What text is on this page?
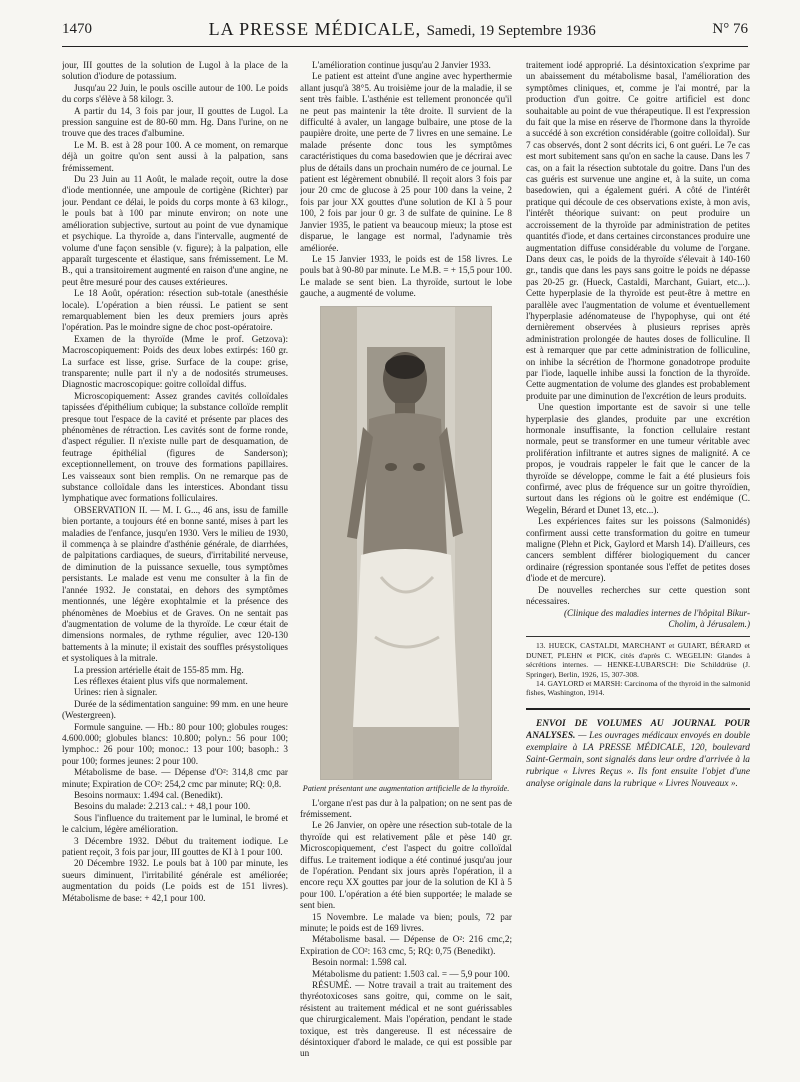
1470	LA PRESSE MÉDICALE, Samedi, 19 Septembre 1936	N° 76

jour, III gouttes de la solution de Lugol à la place de la solution d'iodure de potassium.

Jusqu'au 22 Juin, le pouls oscille autour de 100. Le poids du corps s'élève à 58 kilogr. 3.

A partir du 14, 3 fois par jour, II gouttes de Lugol. La pression sanguine est de 80-60 mm. Hg. Dans l'urine, on ne trouve que des traces d'albumine.

Le M. B. est à 28 pour 100. A ce moment, on remarque déjà un goitre qu'on sent aussi à la palpation, sans frémissement.

Du 23 Juin au 11 Août, le malade reçoit, outre la dose d'iode mentionnée, une ampoule de cortigène (Richter) par jour. Pendant ce délai, le poids du corps monte à 63 kilogr., le pouls bat à 100 par minute environ; on note une amélioration subjective, surtout au point de vue dynamique et psychique. La thyroïde a, dans l'intervalle, augmenté de volume d'une façon sensible (v. figure); à la palpation, elle apparaît turgescente et élastique, sans frémissement. Le M. B., qui a transitoirement augmenté en raison d'une angine, ne peut être mesuré pour des causes extérieures.

Le 18 Août, opération: résection sub-totale (anesthésie locale). L'opération a bien réussi. Le patient se sent remarquablement bien les deux premiers jours après l'opération. Pas le moindre signe de choc post-opératoire.

Examen de la thyroïde (Mme le prof. Getzova): Macroscopiquement: Poids des deux lobes extirpés: 160 gr. La surface est lisse, grise. Surface de la coupe: grise, transparente; nulle part il n'y a de nodosités strumeuses. Diagnostic macroscopique: goitre colloïdal diffus.

Microscopiquement: Assez grandes cavités colloïdales tapissées d'épithélium cubique; la substance colloïde remplit presque tout l'espace de la cavité et présente par places des phénomènes de rétraction. Les cavités sont de forme ronde, d'aspect régulier. Il n'existe nulle part de desquamation, de feutrage épithélial (figures de Sanderson); exceptionnellement, on trouve des formations papillaires. Les vaisseaux sont bien remplis. On ne remarque pas de substance colloïdale dans les interstices. Abondant tissu lymphatique avec formations folliculaires.

OBSERVATION II. — M. I. G..., 46 ans, issu de famille bien portante, a toujours été en bonne santé, mises à part les maladies de l'enfance, jusqu'en 1930. Vers le milieu de 1930, il commença à se plaindre d'asthénie générale, de diarrhées, de palpitations cardiaques, de sueurs, d'irritabilité nerveuse, de diminution de la puissance sexuelle, tous symptômes persistants. Le malade est venu me consulter à la fin de l'année 1932. Je constatai, en dehors des symptômes mentionnés, une légère exophtalmie et la présence des phénomènes de Moebius et de Graves. On ne sentait pas d'augmentation de volume de la thyroïde. Le cœur était de dimensions normales, de rythme régulier, avec 120-130 battements à la minute; il existait des souffles présystoliques et systoliques à la mitrale.

La pression artérielle était de 155-85 mm. Hg.

Les réflexes étaient plus vifs que normalement.

Urines: rien à signaler.

Durée de la sédimentation sanguine: 99 mm. en une heure (Westergreen).

Formule sanguine. — Hb.: 80 pour 100; globules rouges: 4.600.000; globules blancs: 10.800; polyn.: 56 pour 100; lymphoc.: 26 pour 100; monoc.: 13 pour 100; basoph.: 3 pour 100; formes jeunes: 2 pour 100.

Métabolisme de base. — Dépense d'O²: 314,8 cmc par minute; Expiration de CO²: 254,2 cmc par minute; RQ: 0,8.

Besoins normaux: 1.494 cal. (Benedikt).

Besoins du malade: 2.213 cal.: + 48,1 pour 100.

Sous l'influence du traitement par le luminal, le bromé et le calcium, légère amélioration.

3 Décembre 1932. Début du traitement iodique. Le patient reçoit, 3 fois par jour, III gouttes de KI à 1 pour 100.

20 Décembre 1932. Le pouls bat à 100 par minute, les sueurs diminuent, l'irritabilité générale est améliorée; augmentation du poids (Le poids est de 151 livres). Métabolisme de base: + 42,1 pour 100.

L'amélioration continue jusqu'au 2 Janvier 1933.

Le patient est atteint d'une angine avec hyperthermie allant jusqu'à 38°5. Au troisième jour de la maladie, il se sent très faible. L'asthénie est tellement prononcée qu'il ne peut pas maintenir la tête droite. Il survient de la difficulté à avaler, un langage bulbaire, une ptose de la paupière droite, une perte de 7 livres en une semaine. Le malade présente donc tous les symptômes caractéristiques du coma basedowien que je décrirai avec plus de détails dans un prochain numéro de ce journal. Le patient est légèrement obnubilé. Il reçoit alors 3 fois par jour 20 cmc de glucose à 25 pour 100 dans la veine, 2 fois par jour XX gouttes d'une solution de KI à 5 pour 100, 2 fois par jour 0 gr. 3 de sulfate de quinine. Le 8 Janvier 1935, le patient va beaucoup mieux; la ptose est disparue, le langage est normal, l'adynamie très améliorée.

Le 15 Janvier 1933, le poids est de 158 livres. Le pouls bat à 90-80 par minute. Le M.B. = + 15,5 pour 100. Le malade se sent bien. La thyroïde, surtout le lobe gauche, a augmenté de volume.

Patient présentant une augmentation artificielle de la thyroïde.

L'organe n'est pas dur à la palpation; on ne sent pas de frémissement.

Le 26 Janvier, on opère une résection sub-totale de la thyroïde qui est relativement pâle et pèse 140 gr. Microscopiquement, c'est l'aspect du goitre colloïdal diffus. Le traitement iodique a été continué jusqu'au jour de l'opération. Pendant six jours après l'opération, il a encore reçu XX gouttes par jour de la solution de KI à 5 pour 100. L'opération a été bien supportée; le malade se sent bien.

15 Novembre. Le malade va bien; pouls, 72 par minute; le poids est de 169 livres.

Métabolisme basal. — Dépense de O²: 216 cmc,2; Expiration de CO²: 163 cmc, 5; RQ: 0,75 (Benedikt).

Besoin normal: 1.598 cal.

Métabolisme du patient: 1.503 cal. = — 5,9 pour 100.

RÉSUMÉ. — Notre travail a trait au traitement des thyréotoxicoses sans goitre, qui, comme on le sait, résistent au traitement médical et ne sont guérissables que chirurgicalement. Mais l'opération, pendant le stade toxique, est très dangereuse. Il est nécessaire de désintoxiquer d'abord le malade, ce qui est possible par un

traitement iodé approprié. La désintoxication s'exprime par un abaissement du métabolisme basal, l'amélioration des symptômes cliniques, et, comme je l'ai montré, par la production d'un goitre. Ce goitre artificiel est donc souhaitable au point de vue thérapeutique. Il est l'expression du fait que la mise en réserve de l'hormone dans la thyroïde a succédé à son excrétion considérable (goitre colloïdal). Sur 7 cas observés, dont 2 sont décrits ici, 6 ont guéri. Le 7e cas est mort subitement sans qu'on en sache la cause. Dans les 7 cas, on a fait la résection subtotale du goitre. Dans l'un des cas guéris est survenue une angine et, à la suite, un coma basedowien, qui a également guéri. A côté de l'intérêt pratique qui découle de ces observations existe, à mon avis, l'intérêt théorique suivant: on peut produire un accroissement de la thyroïde par administration de petites quantités d'iode, et dans certaines circonstances produire une augmentation diffuse considérable du volume de l'organe. Dans deux cas, le poids de la thyroïde s'élevait à 140-160 gr., tandis que dans les pays sans goitre le poids ne dépasse pas 20-25 gr. (Hueck, Castaldi, Marchant, Guiart, etc...). Cette hyperplasie de la thyroïde est peut-être à mettre en parallèle avec l'augmentation de volume et éventuellement l'hyperplasie adénomateuse de l'hypophyse, qui ont été dernièrement observées à plusieurs reprises après administration prolongée de hautes doses de folliculine. Il est à remarquer que par cette administration de folliculine, on inhibe la sécrétion de l'hormone gonadotrope produite par l'iode, laquelle inhibe aussi la fonction de la thyroïde. Cette augmentation de volume des glandes est probablement produite par une diminution de l'excrétion de leurs produits.

Une question importante est de savoir si une telle hyperplasie des glandes, produite par une excrétion hormonale insuffisante, la fonction cellulaire restant normale, peut se transformer en une tumeur véritable avec prolifération infiltrante et autres signes de malignité. A ce propos, je voudrais rappeler le fait que le cancer de la thyroïde se développe, comme le fait a été plusieurs fois confirmé, avec plus de fréquence sur un goitre thyroïdien, surtout dans les régions où le goitre est endémique (C. Wegelin, Bérard et Dunet 13, etc...).

Les expériences faites sur les poissons (Salmonidés) confirment aussi cette transformation du goitre en tumeur maligne (Plehn et Pick, Gaylord et Marsh 14). D'ailleurs, ces cancers semblent différer biologiquement du cancer ordinaire (régression spontanée sous l'effet de petites doses d'iode et de mercure).

De nouvelles recherches sur cette question sont nécessaires.

(Clinique des maladies internes de l'hôpital Bikur-Cholim, à Jérusalem.)

13. HUECK, CASTALDI, MARCHANT et GUIART, BÉRARD et DUNET, PLEHN et PICK, cités d'après C. WEGELIN: Glandes à sécrétions internes. — HENKE-LUBARSCH: Die Schilddrüse (J. Springer), Berlin, 1926, 15, 307-308.

14. GAYLORD et MARSH: Carcinoma of the thyroid in the salmonid fishes, Washington, 1914.

ENVOI DE VOLUMES AU JOURNAL POUR ANALYSES. — Les ouvrages médicaux envoyés en double exemplaire à LA PRESSE MÉDICALE, 120, boulevard Saint-Germain, sont signalés dans leur ordre d'arrivée à la rubrique « Livres Reçus ». Ils font ensuite l'objet d'une analyse originale dans la rubrique « Livres Nouveaux ».
